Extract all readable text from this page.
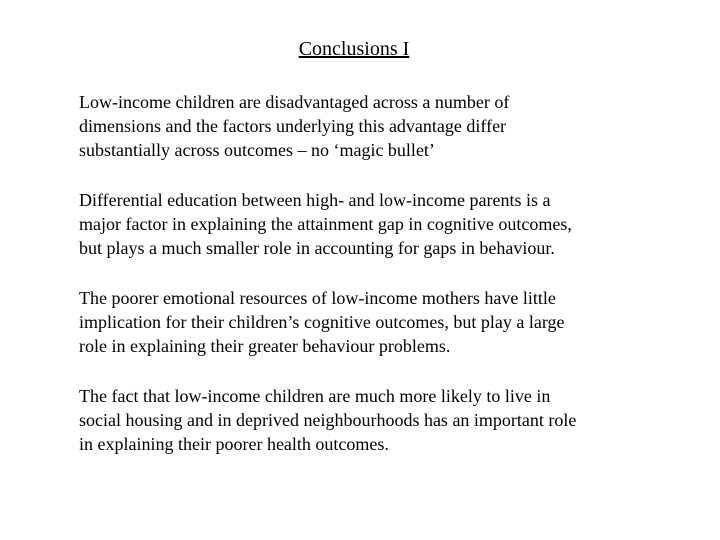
Conclusions I

Low-income children are disadvantaged across a number of
dimensions and the factors underlying this advantage differ
substantially across outcomes – no ‘magic bullet’

Differential education between high- and low-income parents is a
major factor in explaining the attainment gap in cognitive outcomes,
but plays a much smaller role in accounting for gaps in behaviour.

The poorer emotional resources of low-income mothers have little
implication for their children’s cognitive outcomes, but play a large
role in explaining their greater behaviour problems.

The fact that low-income children are much more likely to live in
social housing and in deprived neighbourhoods has an important role
in explaining their poorer health outcomes.
